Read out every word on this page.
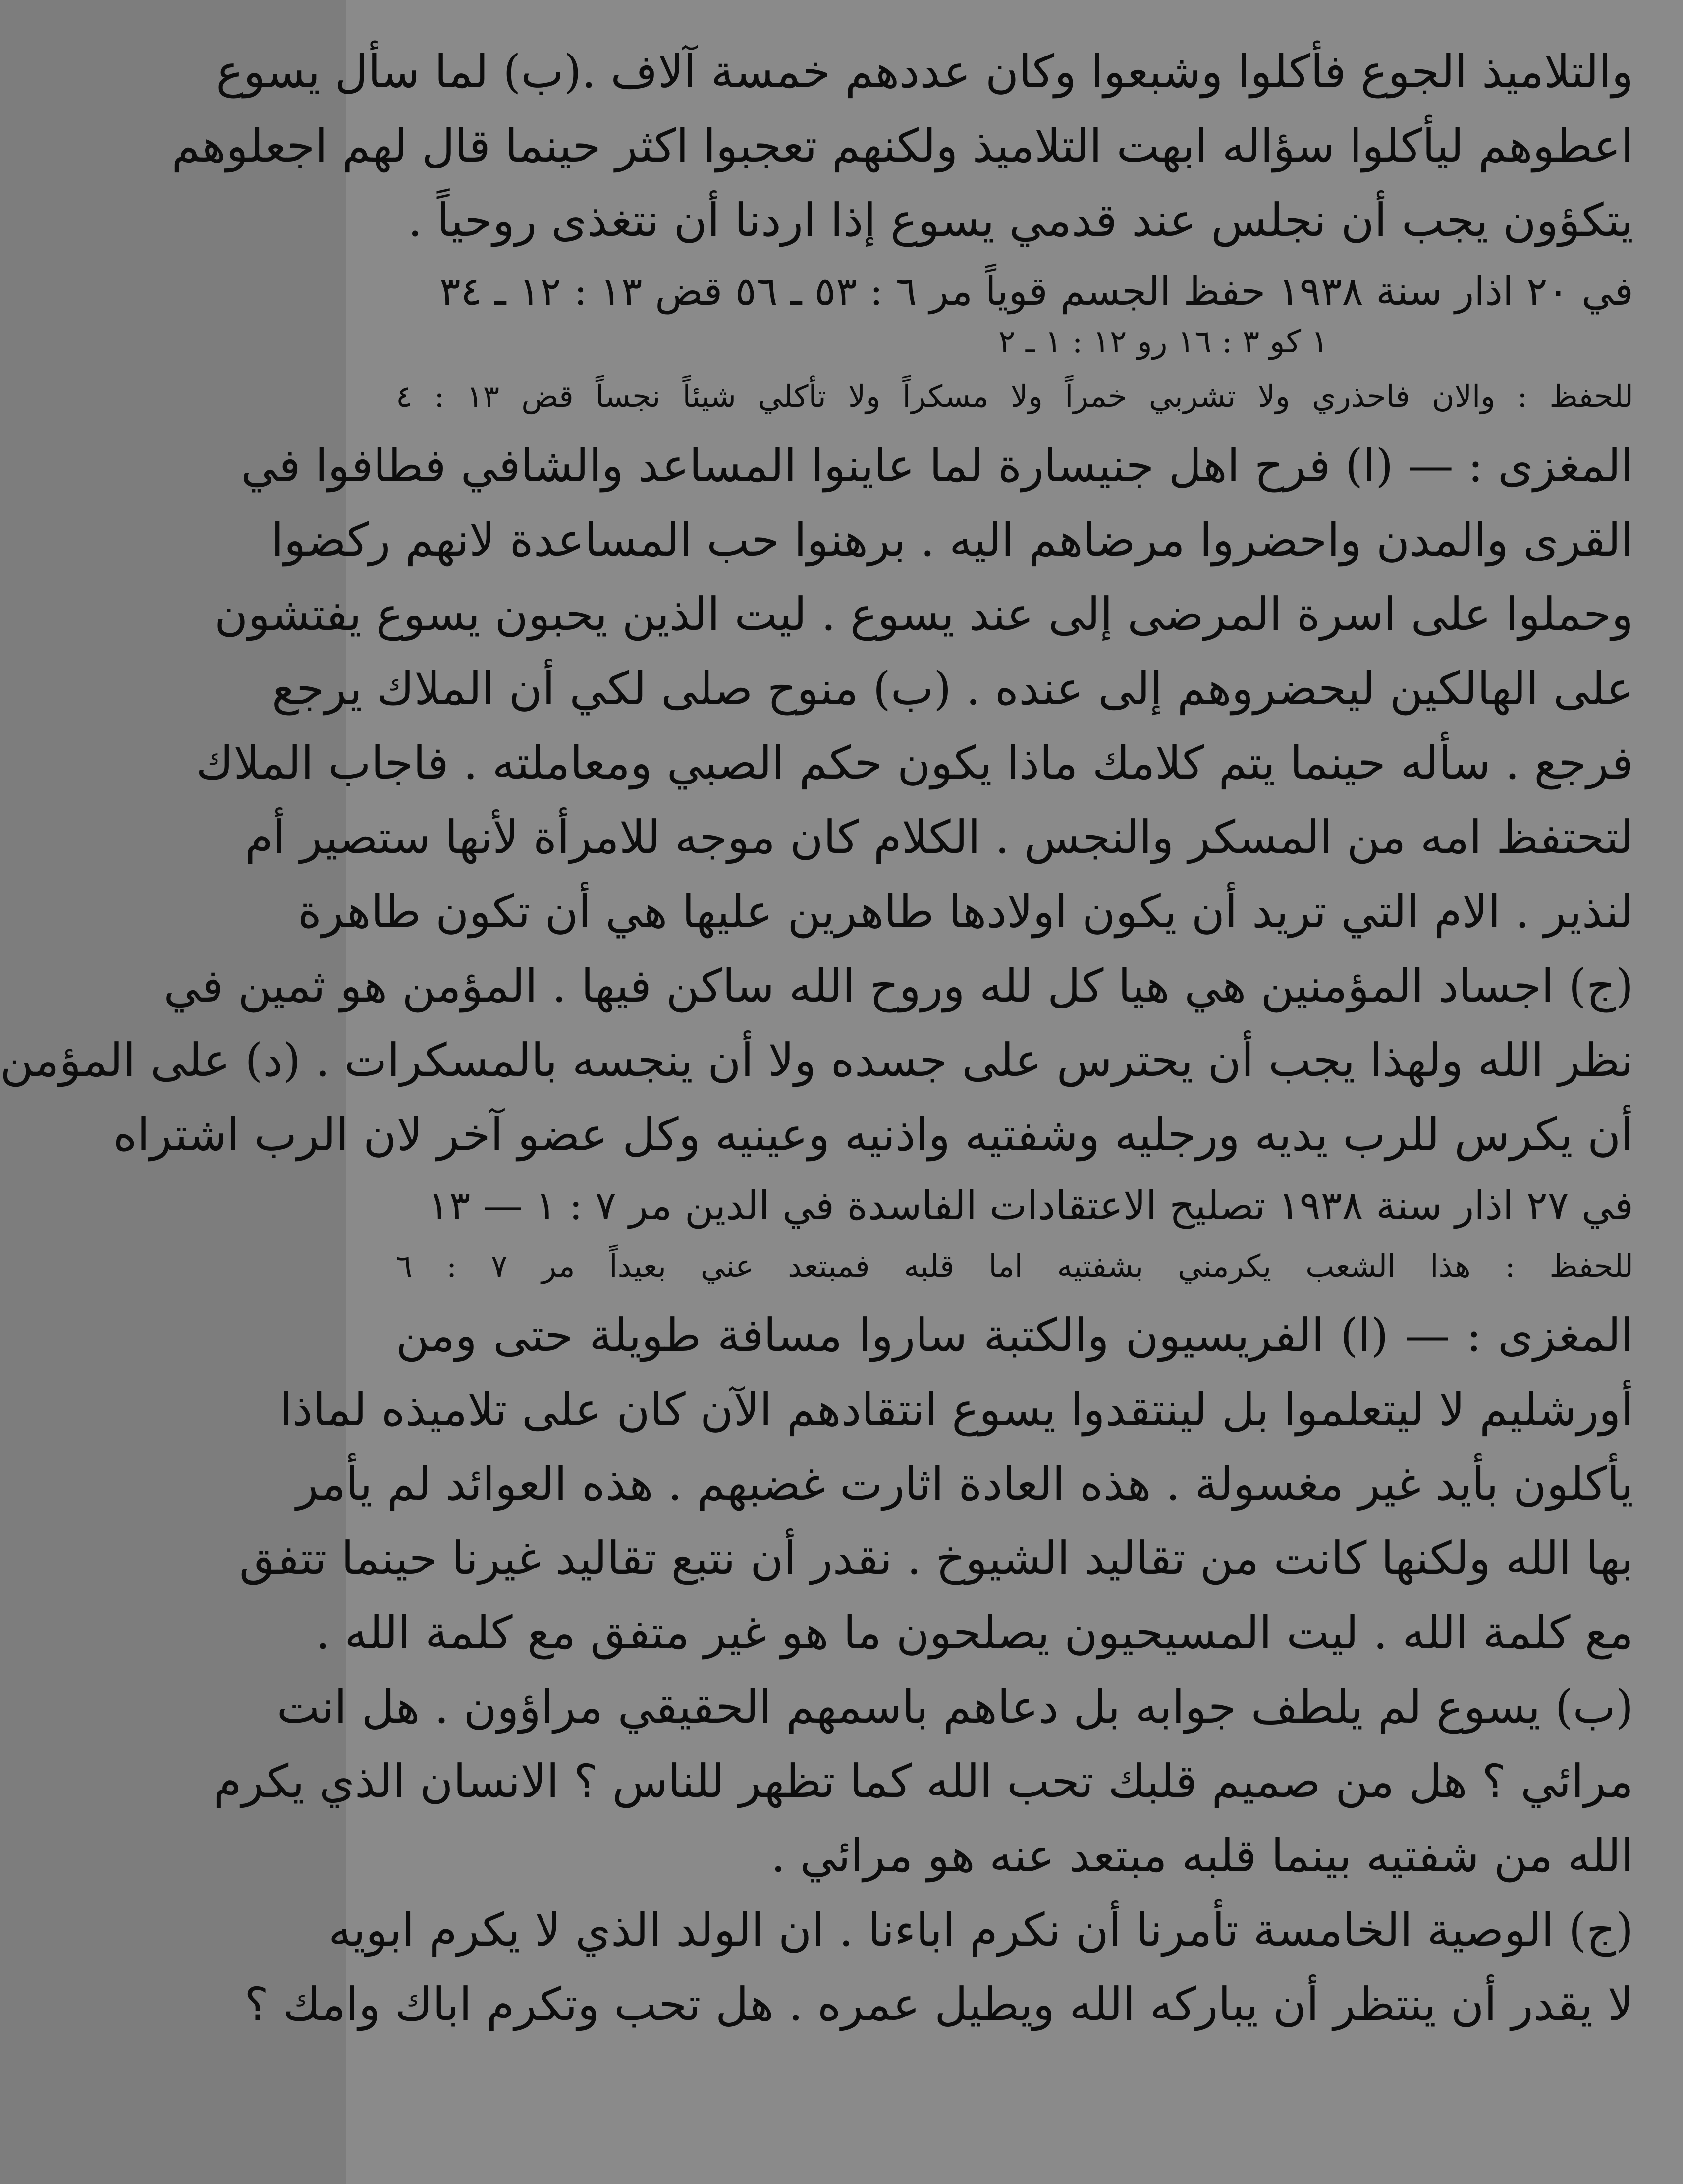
والتلاميذ الجوع فأكلوا وشبعوا وكان عددهم خمسة آلاف .(ب) لما سأل يسوع
اعطوهم ليأكلوا سؤاله ابهت التلاميذ ولكنهم تعجبوا اكثر حينما قال لهم اجعلوهم
يتكؤون يجب أن نجلس عند قدمي يسوع إذا اردنا أن نتغذى روحياً .
في ٢٠ اذار سنة ١٩٣٨ حفظ الجسم قوياً مر ٦ : ٥٣ ـ ٥٦ قض ١٣ : ١٢ ـ ٣٤
١ كو ٣ : ١٦ رو ١٢ : ١ ـ ٢
للحفظ : والان فاحذري ولا تشربي خمراً ولا مسكراً ولا تأكلي شيئاً نجساً قض ١٣ : ٤
المغزى : — (ا) فرح اهل جنيسارة لما عاينوا المساعد والشافي فطافوا في
القرى والمدن واحضروا مرضاهم اليه . برهنوا حب المساعدة لانهم ركضوا
وحملوا على اسرة المرضى إلى عند يسوع . ليت الذين يحبون يسوع يفتشون
على الهالكين ليحضروهم إلى عنده . (ب) منوح صلى لكي أن الملاك يرجع
فرجع . سأله حينما يتم كلامك ماذا يكون حكم الصبي ومعاملته . فاجاب الملاك
لتحتفظ امه من المسكر والنجس . الكلام كان موجه للامرأة لأنها ستصير أم
لنذير . الام التي تريد أن يكون اولادها طاهرين عليها هي أن تكون طاهرة
(ج) اجساد المؤمنين هي هيا كل لله وروح الله ساكن فيها . المؤمن هو ثمين في
نظر الله ولهذا يجب أن يحترس على جسده ولا أن ينجسه بالمسكرات . (د) على المؤمن
أن يكرس للرب يديه ورجليه وشفتيه واذنيه وعينيه وكل عضو آخر لان الرب اشتراه
في ٢٧ اذار سنة ١٩٣٨ تصليح الاعتقادات الفاسدة في الدين مر ٧ : ١ — ١٣
للحفظ : هذا الشعب يكرمني بشفتيه اما قلبه فمبتعد عني بعيداً مر ٧ : ٦
المغزى : — (ا) الفريسيون والكتبة ساروا مسافة طويلة حتى ومن
أورشليم لا ليتعلموا بل لينتقدوا يسوع انتقادهم الآن كان على تلاميذه لماذا
يأكلون بأيد غير مغسولة . هذه العادة اثارت غضبهم . هذه العوائد لم يأمر
بها الله ولكنها كانت من تقاليد الشيوخ . نقدر أن نتبع تقاليد غيرنا حينما تتفق
مع كلمة الله . ليت المسيحيون يصلحون ما هو غير متفق مع كلمة الله .
(ب) يسوع لم يلطف جوابه بل دعاهم باسمهم الحقيقي مراؤون . هل انت
مرائي ؟ هل من صميم قلبك تحب الله كما تظهر للناس ؟ الانسان الذي يكرم
الله من شفتيه بينما قلبه مبتعد عنه هو مرائي .
(ج) الوصية الخامسة تأمرنا أن نكرم اباءنا . ان الولد الذي لا يكرم ابويه
لا يقدر أن ينتظر أن يباركه الله ويطيل عمره . هل تحب وتكرم اباك وامك ؟
